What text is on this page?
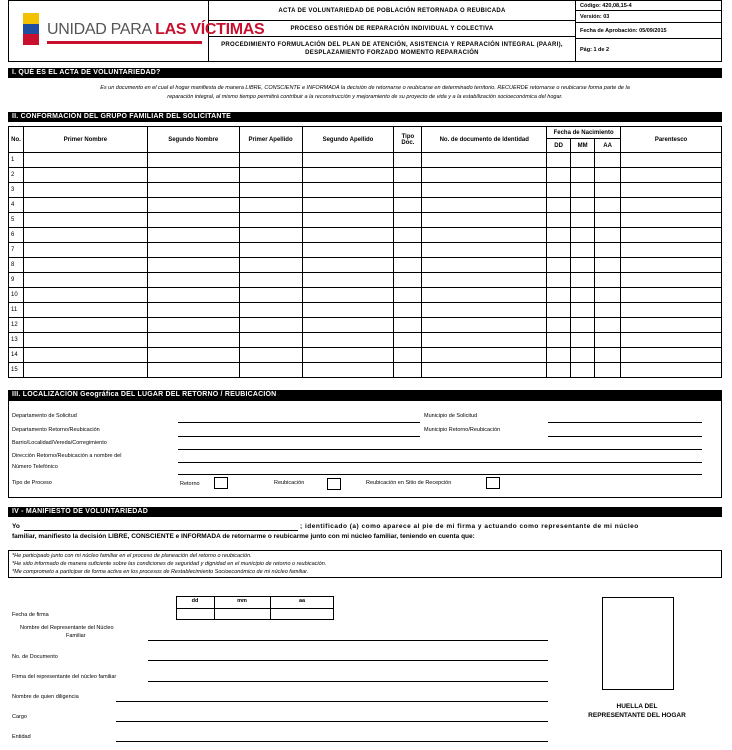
UNIDAD PARA LAS VÍCTIMAS
ACTA DE VOLUNTARIEDAD DE POBLACIÓN RETORNADA O REUBICADA
PROCESO GESTIÓN DE REPARACIÓN INDIVIDUAL Y COLECTIVA
PROCEDIMIENTO FORMULACIÓN DEL PLAN DE ATENCIÓN, ASISTENCIA Y REPARACIÓN INTEGRAL (PAARI), DESPLAZAMIENTO FORZADO MOMENTO REPARACIÓN
Código: 420,08,15-4
Versión: 03
Fecha de Aprobación: 05/09/2015
Pág: 1 de 2
I. QUÉ ES EL ACTA DE VOLUNTARIEDAD?
Es un documento en el cual el hogar manifiesta de manera LIBRE, CONSCIENTE e INFORMADA la decisión de retornarse o reubicarse en determinado territorio. RECUERDE retornarse o reubicarse forma parte de la
reparación integral, al mismo tiempo permitirá contribuir a la reconstrucción y mejoramiento de su proyecto de vida y a la estabilización socioeconómica del hogar.
II. CONFORMACIÓN DEL GRUPO FAMILIAR DEL SOLICITANTE
No.	Primer Nombre	Segundo Nombre	Primer Apellido	Segundo Apellido	Tipo Doc.	No. de documento de Identidad	Fecha de Nacimiento			Parentesco
							DD	MM	AA	
1										
2										
3										
4										
5										
6										
7										
8										
9										
10										
11										
12										
13										
14										
15										
III. LOCALIZACIÓN Geográfica DEL LUGAR DEL RETORNO / REUBICACIÓN
Departamento de Solicitud	Municipio de Solicitud
Departamento Retorno/Reubicación	Municipio Retorno/Reubicación
Barrio/Localidad/Vereda/Corregimiento
Dirección Retorno/Reubicación a nombre del
Número Telefónico
Tipo de Proceso	Retorno	Reubicación	Reubicación en Sitio de Recepción
IV - MANIFIESTO DE VOLUNTARIEDAD
Yo	; identificado (a) como aparece al pie de mi firma y actuando como representante de mi núcleo
familiar, manifiesto la decisión LIBRE, CONSCIENTE e INFORMADA de retornarme o reubicarme junto con mi núcleo familiar, teniendo en cuenta que:
*He participado junto con mi núcleo familiar en el proceso de planeación del retorno o reubicación.
*He sido informado de manera suficiente sobre las condiciones de seguridad y dignidad en el municipio de retorno o reubicación.
*Me comprometo a participar de forma activa en los procesos de Restablecimiento Socioeconómico de mi núcleo familiar.
dd	mm	aa
Fecha de firma
Nombre del Representante del Núcleo
Familiar
No. de Documento
Firma del representante del núcleo familiar
Nombre de quien diligencia
Cargo
Entidad
HUELLA DEL
REPRESENTANTE DEL HOGAR
